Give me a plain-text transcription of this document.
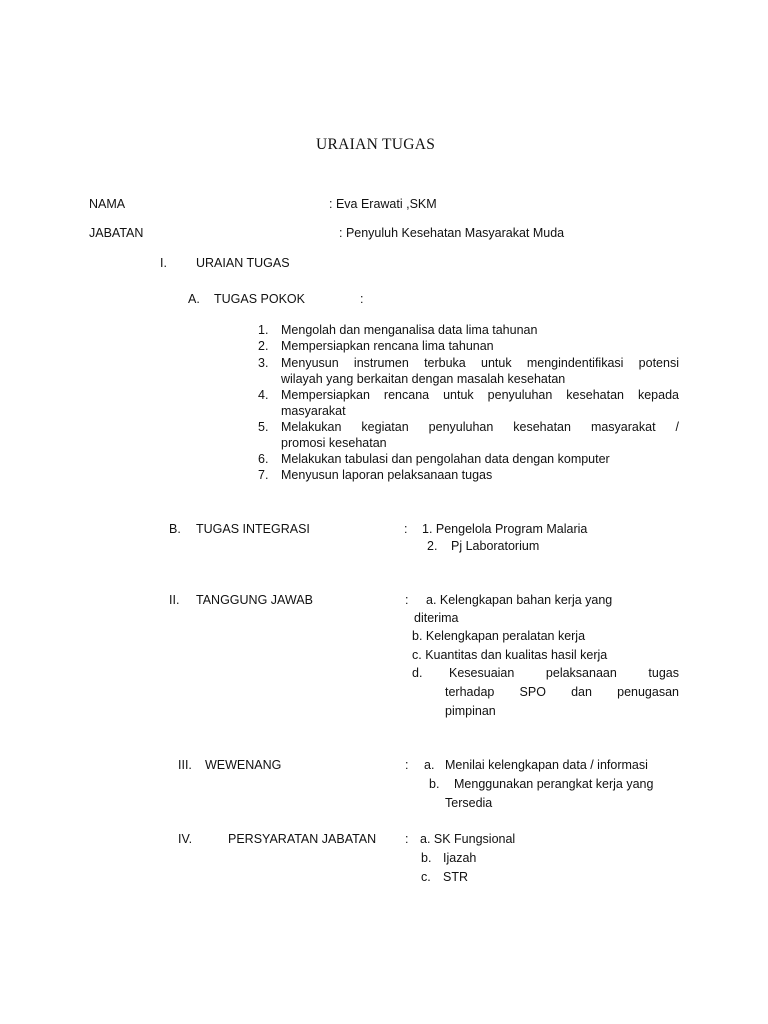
URAIAN TUGAS
NAMA	: Eva Erawati ,SKM
JABATAN	: Penyuluh Kesehatan Masyarakat Muda
I. URAIAN TUGAS
A. TUGAS POKOK	:
1. Mengolah dan menganalisa data lima tahunan
2. Mempersiapkan rencana lima tahunan
3. Menyusun instrumen terbuka untuk mengindentifikasi potensi
wilayah yang berkaitan dengan masalah kesehatan
4. Mempersiapkan rencana untuk penyuluhan kesehatan kepada
masyarakat
5. Melakukan kegiatan penyuluhan kesehatan masyarakat /
promosi kesehatan
6. Melakukan tabulasi dan pengolahan data dengan komputer
7. Menyusun laporan pelaksanaan tugas
B. TUGAS INTEGRASI	: 1. Pengelola Program Malaria
2. Pj Laboratorium
II. TANGGUNG JAWAB	: a. Kelengkapan bahan kerja yang
diterima
b. Kelengkapan peralatan kerja
c. Kuantitas dan kualitas hasil kerja
d. Kesesuaian pelaksanaan tugas
terhadap SPO dan penugasan
pimpinan
III. WEWENANG	: a. Menilai kelengkapan data / informasi
b. Menggunakan perangkat kerja yang
Tersedia
IV.	PERSYARATAN JABATAN : a. SK Fungsional
b. Ijazah
c. STR
